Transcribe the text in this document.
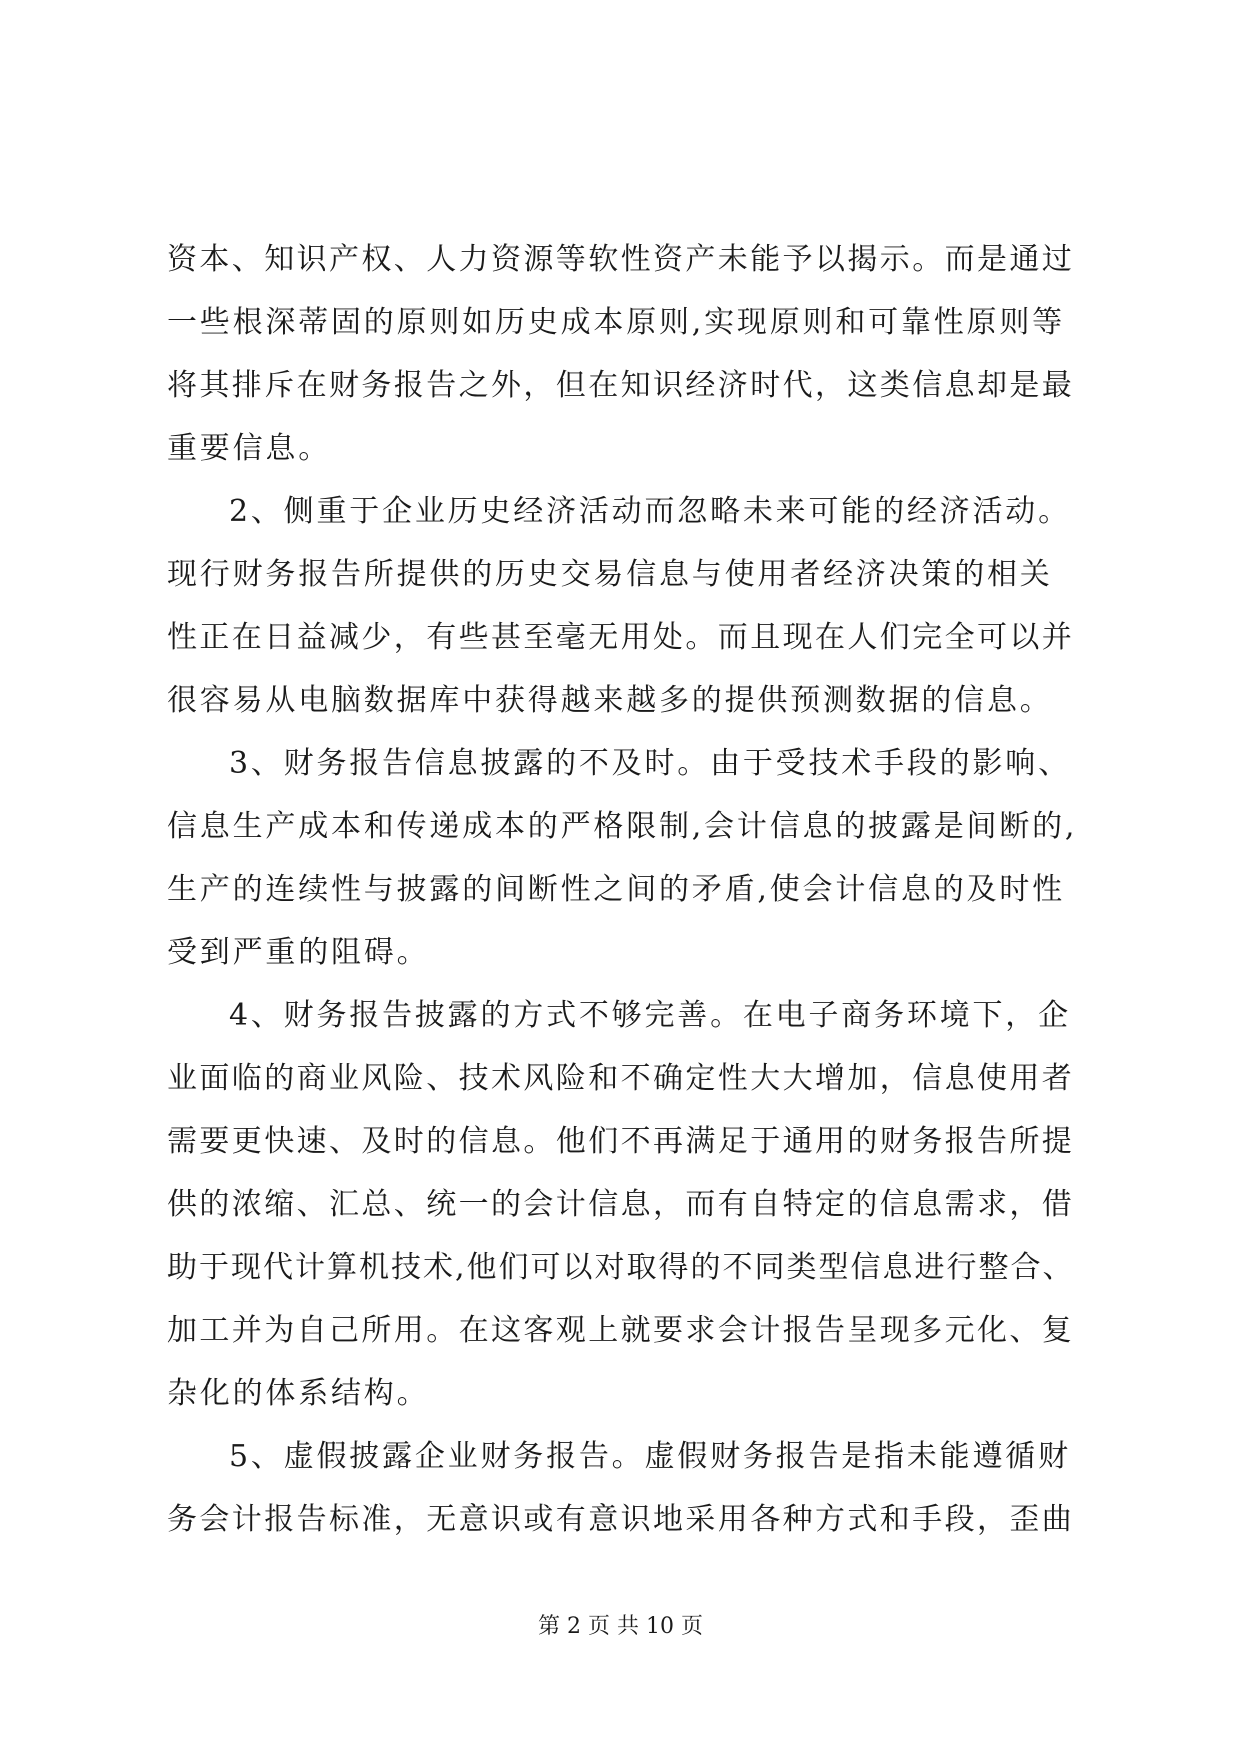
资本、知识产权、人力资源等软性资产未能予以揭示。而是通过
一些根深蒂固的原则如历史成本原则,实现原则和可靠性原则等
将其排斥在财务报告之外，但在知识经济时代，这类信息却是最
重要信息。
2、侧重于企业历史经济活动而忽略未来可能的经济活动。
现行财务报告所提供的历史交易信息与使用者经济决策的相关
性正在日益减少，有些甚至毫无用处。而且现在人们完全可以并
很容易从电脑数据库中获得越来越多的提供预测数据的信息。
3、财务报告信息披露的不及时。由于受技术手段的影响、
信息生产成本和传递成本的严格限制,会计信息的披露是间断的,
生产的连续性与披露的间断性之间的矛盾,使会计信息的及时性
受到严重的阻碍。
4、财务报告披露的方式不够完善。在电子商务环境下，企
业面临的商业风险、技术风险和不确定性大大增加，信息使用者
需要更快速、及时的信息。他们不再满足于通用的财务报告所提
供的浓缩、汇总、统一的会计信息，而有自特定的信息需求，借
助于现代计算机技术,他们可以对取得的不同类型信息进行整合、
加工并为自己所用。在这客观上就要求会计报告呈现多元化、复
杂化的体系结构。
5、虚假披露企业财务报告。虚假财务报告是指未能遵循财
务会计报告标准，无意识或有意识地采用各种方式和手段，歪曲
第 2 页 共 10 页
